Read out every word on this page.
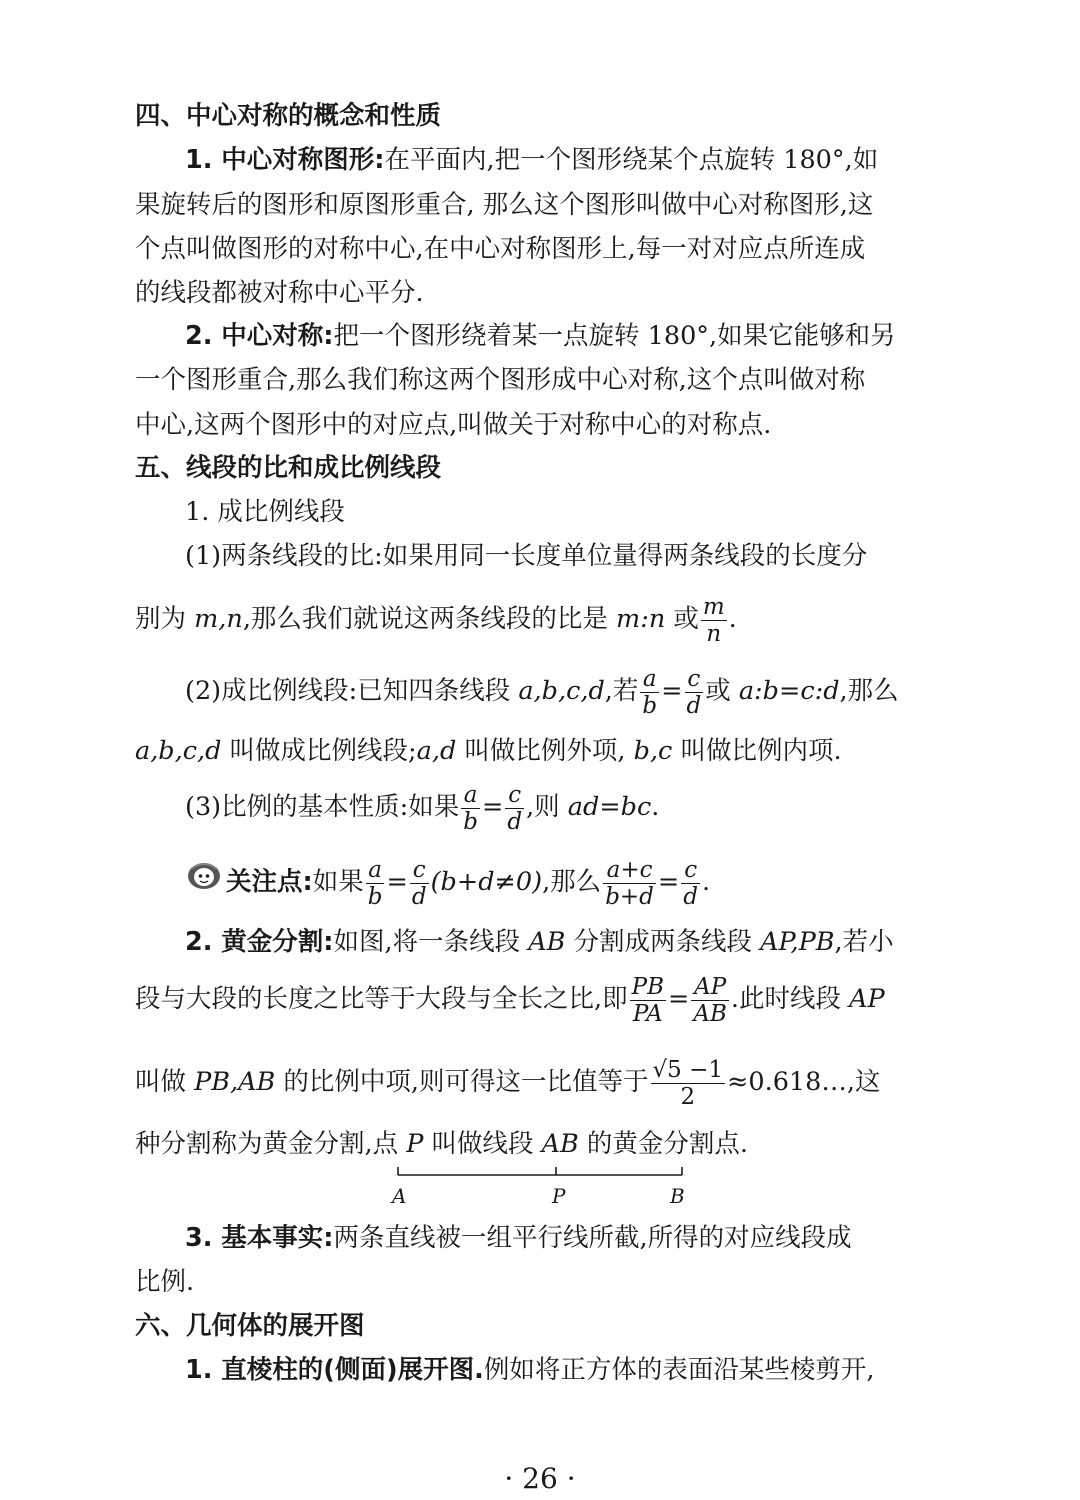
四、中心对称的概念和性质
1. 中心对称图形:在平面内,把一个图形绕某个点旋转 180°,如
果旋转后的图形和原图形重合, 那么这个图形叫做中心对称图形,这
个点叫做图形的对称中心,在中心对称图形上,每一对对应点所连成
的线段都被对称中心平分.
2. 中心对称:把一个图形绕着某一点旋转 180°,如果它能够和另
一个图形重合,那么我们称这两个图形成中心对称,这个点叫做对称
中心,这两个图形中的对应点,叫做关于对称中心的对称点.
五、线段的比和成比例线段
1. 成比例线段
(1)两条线段的比:如果用同一长度单位量得两条线段的长度分
别为 m,n,那么我们就说这两条线段的比是 m:n 或 $\frac{m}{n}$ .
(2)成比例线段:已知四条线段 a,b,c,d,若 $\frac{a}{b} = \frac{c}{d}$ 或 a:b=c:d,那么
a,b,c,d 叫做成比例线段;a,d 叫做比例外项, b,c 叫做比例内项.
(3)比例的基本性质:如果 $\frac{a}{b} = \frac{c}{d}$ ,则 ad=bc.
关注点:如果 $\frac{a}{b} = \frac{c}{d} (b+d\ne 0)$,那么 $\frac{a+c}{b+d} = \frac{c}{d}$ .
2. 黄金分割:如图,将一条线段 AB 分割成两条线段 AP,PB,若小
段与大段的长度之比等于大段与全长之比,即 $\frac{PB}{PA} = \frac{AP}{AB}$ .此时线段 AP
叫做 PB,AB 的比例中项,则可得这一比值等于 $\frac{√5 -1}{2}$ ≈0.618…,这
种分割称为黄金分割,点 P 叫做线段 AB 的黄金分割点.
A	P	B
3. 基本事实:两条直线被一组平行线所截,所得的对应线段成
比例.
六、几何体的展开图
1. 直棱柱的(侧面)展开图.例如将正方体的表面沿某些棱剪开,
· 26 ·
